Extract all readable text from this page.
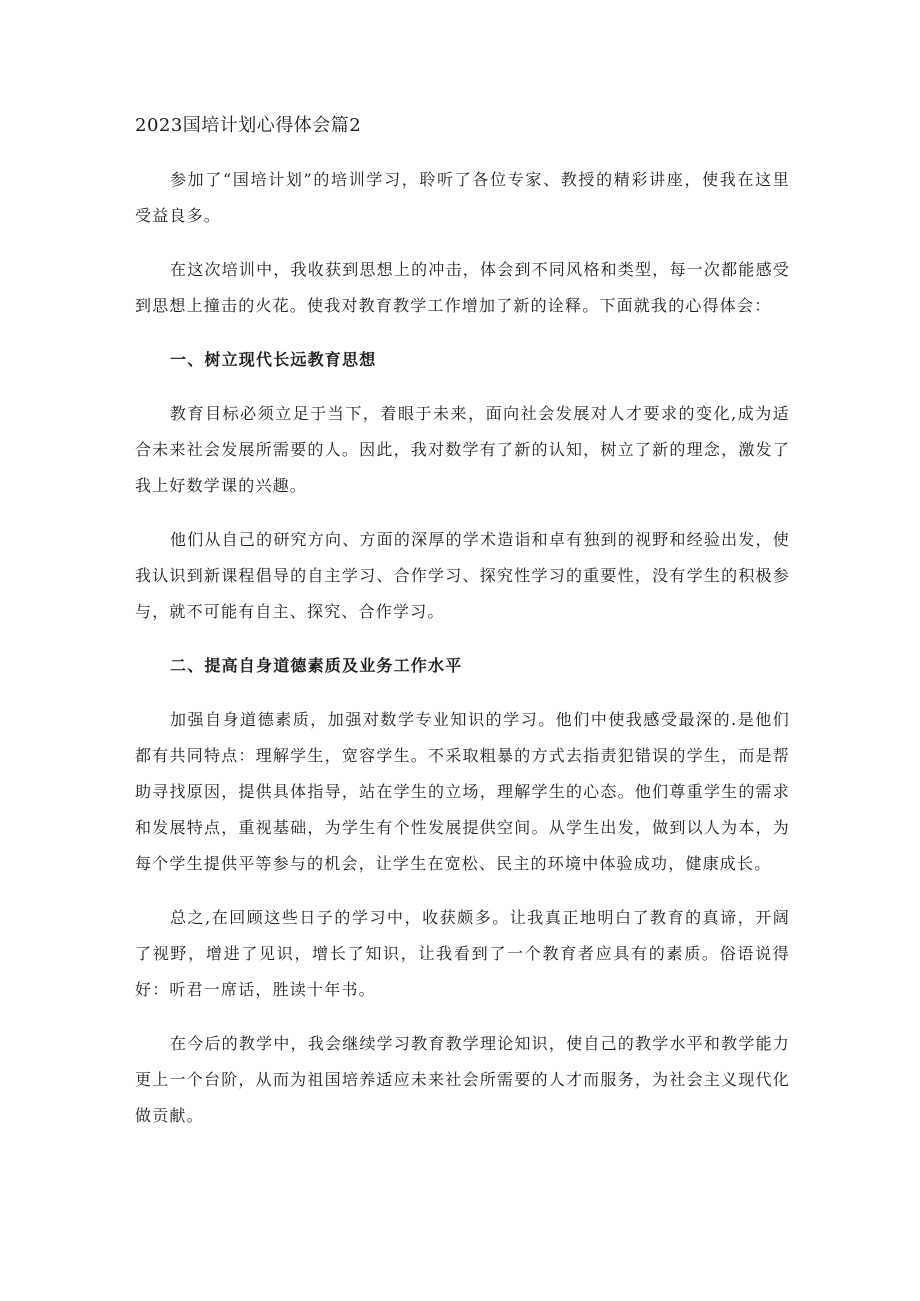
2023国培计划心得体会篇2

参加了“国培计划”的培训学习，聆听了各位专家、教授的精彩讲座，使我在这里受益良多。

在这次培训中，我收获到思想上的冲击，体会到不同风格和类型，每一次都能感受到思想上撞击的火花。使我对教育教学工作增加了新的诠释。下面就我的心得体会：

一、树立现代长远教育思想

教育目标必须立足于当下，着眼于未来，面向社会发展对人才要求的变化,成为适合未来社会发展所需要的人。因此，我对数学有了新的认知，树立了新的理念，激发了我上好数学课的兴趣。

他们从自己的研究方向、方面的深厚的学术造诣和卓有独到的视野和经验出发，使我认识到新课程倡导的自主学习、合作学习、探究性学习的重要性，没有学生的积极参与，就不可能有自主、探究、合作学习。

二、提高自身道德素质及业务工作水平

加强自身道德素质，加强对数学专业知识的学习。他们中使我感受最深的.是他们都有共同特点：理解学生，宽容学生。不采取粗暴的方式去指责犯错误的学生，而是帮助寻找原因，提供具体指导，站在学生的立场，理解学生的心态。他们尊重学生的需求和发展特点，重视基础，为学生有个性发展提供空间。从学生出发，做到以人为本，为每个学生提供平等参与的机会，让学生在宽松、民主的环境中体验成功，健康成长。

总之,在回顾这些日子的学习中，收获颇多。让我真正地明白了教育的真谛，开阔了视野，增进了见识，增长了知识，让我看到了一个教育者应具有的素质。俗语说得好：听君一席话，胜读十年书。

在今后的教学中，我会继续学习教育教学理论知识，使自己的教学水平和教学能力更上一个台阶，从而为祖国培养适应未来社会所需要的人才而服务，为社会主义现代化做贡献。
